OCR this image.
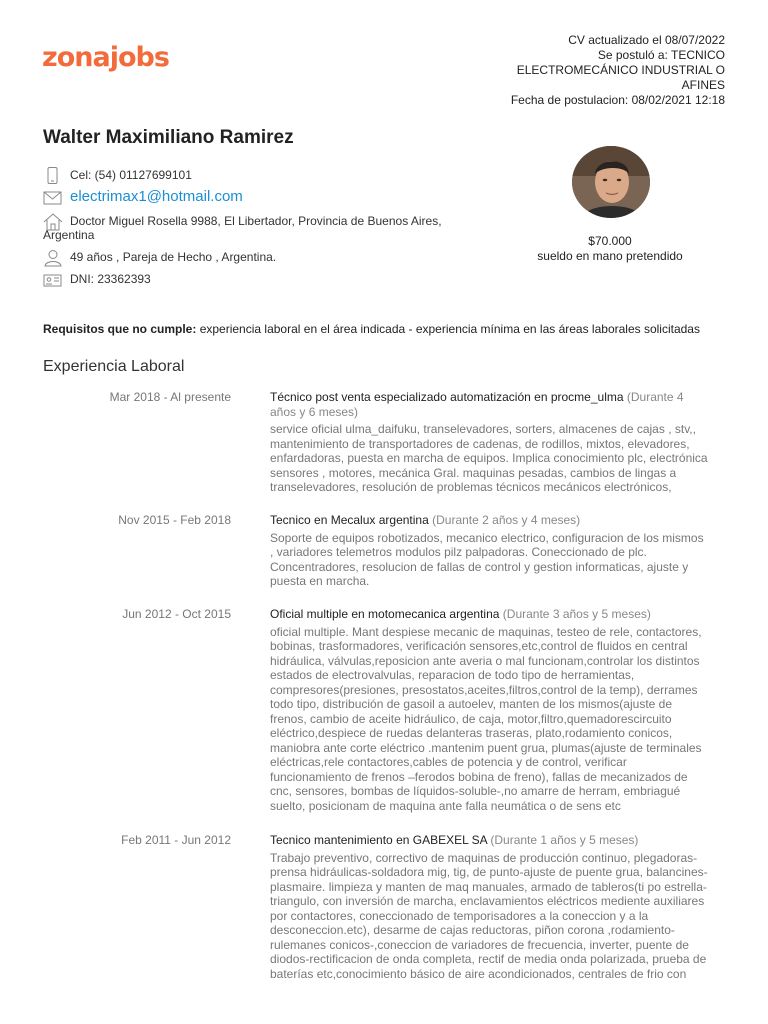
zonajobs
CV actualizado el 08/07/2022
Se postuló a: TECNICO
ELECTROMECÁNICO INDUSTRIAL O
AFINES
Fecha de postulacion: 08/02/2021 12:18
Walter Maximiliano Ramirez
Cel: (54) 01127699101
electrimax1@hotmail.com
Doctor Miguel Rosella 9988, El Libertador, Provincia de Buenos Aires, Argentina
49 años , Pareja de Hecho , Argentina.
DNI: 23362393
$70.000
sueldo en mano pretendido
Requisitos que no cumple: experiencia laboral en el área indicada - experiencia mínima en las áreas laborales solicitadas
Experiencia Laboral
Mar 2018 - Al presente	Técnico post venta especializado automatización en procme_ulma (Durante 4 años y 6 meses)
service oficial ulma_daifuku, transelevadores, sorters, almacenes de cajas , stv,, mantenimiento de transportadores de cadenas, de rodillos, mixtos, elevadores, enfardadoras, puesta en marcha de equipos. Implica conocimiento plc, electrónica sensores , motores, mecánica Gral. maquinas pesadas, cambios de lingas a transelevadores, resolución de problemas técnicos mecánicos electrónicos,
Nov 2015 - Feb 2018	Tecnico en Mecalux argentina (Durante 2 años y 4 meses)
Soporte de equipos robotizados, mecanico electrico, configuracion de los mismos , variadores telemetros modulos pilz palpadoras. Coneccionado de plc. Concentradores, resolucion de fallas de control y gestion informaticas, ajuste y puesta en marcha.
Jun 2012 - Oct 2015	Oficial multiple en motomecanica argentina (Durante 3 años y 5 meses)
oficial multiple. Mant despiese mecanic de maquinas, testeo de rele, contactores, bobinas, trasformadores, verificación sensores,etc,control de fluidos en central hidráulica, válvulas,reposicion ante averia o mal funcionam,controlar los distintos estados de electrovalvulas, reparacion de todo tipo de herramientas, compresores(presiones, presostatos,aceites,filtros,control de la temp), derrames todo tipo, distribución de gasoil a autoelev, manten de los mismos(ajuste de frenos, cambio de aceite hidráulico, de caja, motor,filtro,quemadorescircuito eléctrico,despiece de ruedas delanteras traseras, plato,rodamiento conicos, maniobra ante corte eléctrico .mantenim puent grua, plumas(ajuste de terminales eléctricas,rele contactores,cables de potencia y de control, verificar funcionamiento de frenos –ferodos bobina de freno), fallas de mecanizados de cnc, sensores, bombas de líquidos-soluble-,no amarre de herram, embriagué suelto, posicionam de maquina ante falla neumática o de sens etc
Feb 2011 - Jun 2012	Tecnico mantenimiento en GABEXEL SA (Durante 1 años y 5 meses)
Trabajo preventivo, correctivo de maquinas de producción continuo, plegadoras-prensa hidráulicas-soldadora mig, tig, de punto-ajuste de puente grua, balancines-plasmaire. limpieza y manten de maq manuales, armado de tableros(ti po estrella-triangulo, con inversión de marcha, enclavamientos eléctricos mediente auxiliares por contactores, coneccionado de temporisadores a la coneccion y a la desconeccion.etc), desarme de cajas reductoras, piñon corona ,rodamiento-rulemanes conicos-,coneccion de variadores de frecuencia, inverter, puente de diodos-rectificacion de onda completa, rectif de media onda polarizada, prueba de baterías etc,conocimiento básico de aire acondicionados, centrales de frio con
